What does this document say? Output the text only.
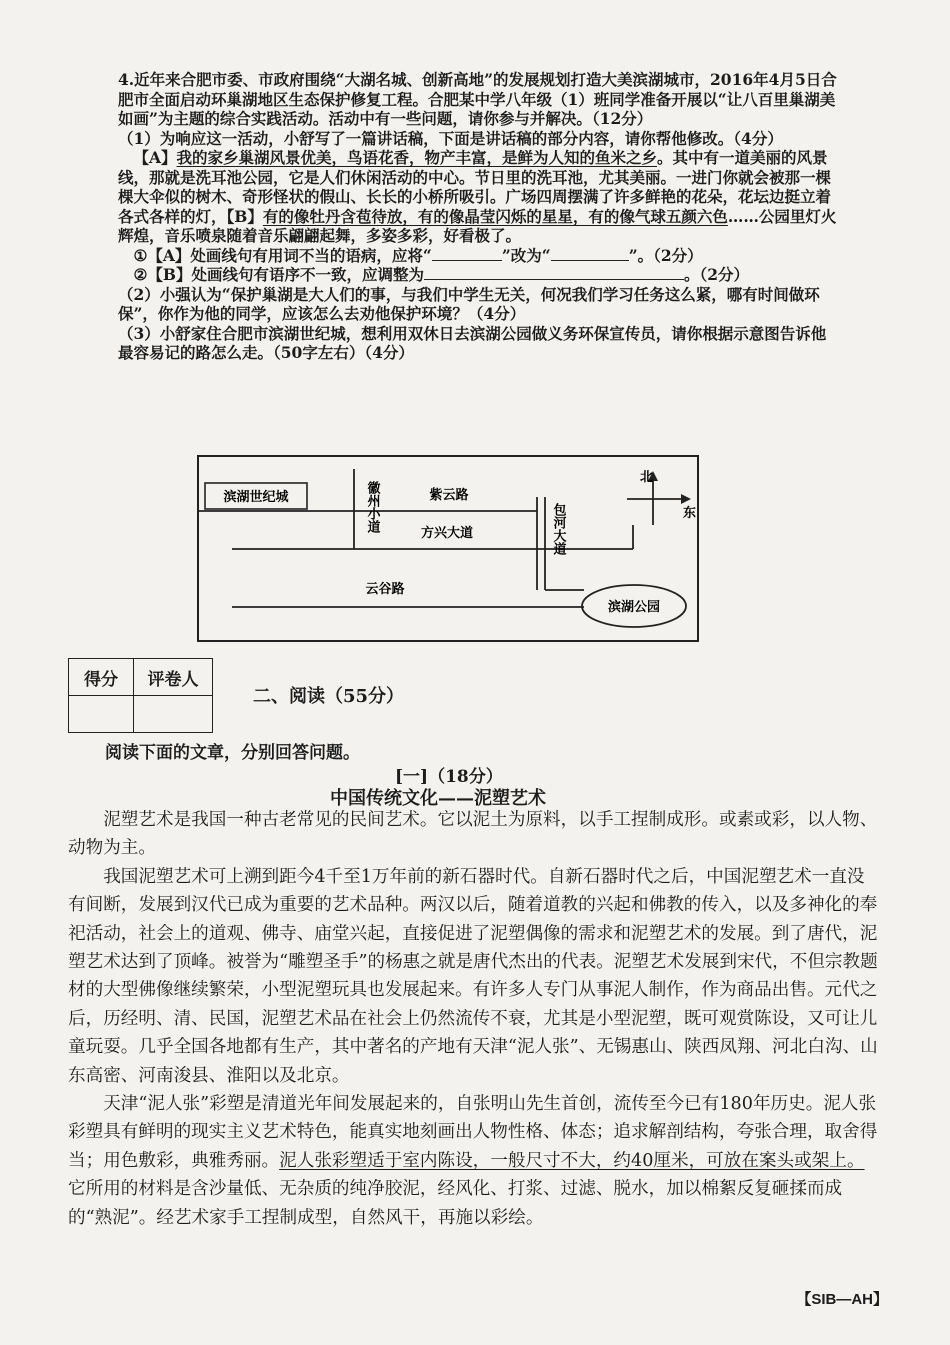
4.近年来合肥市委、市政府围绕“大湖名城、创新高地”的发展规划打造大美滨湖城市，2016年4月5日合肥市全面启动环巢湖地区生态保护修复工程。合肥某中学八年级（1）班同学准备开展以“让八百里巢湖美如画”为主题的综合实践活动。活动中有一些问题，请你参与并解决。（12分）

（1）为响应这一活动，小舒写了一篇讲话稿，下面是讲话稿的部分内容，请你帮他修改。（4分）

【A】我的家乡巢湖风景优美，鸟语花香，物产丰富，是鲜为人知的鱼米之乡。其中有一道美丽的风景线，那就是洗耳池公园，它是人们休闲活动的中心。节日里的洗耳池，尤其美丽。一进门你就会被那一棵棵大伞似的树木、奇形怪状的假山、长长的小桥所吸引。广场四周摆满了许多鲜艳的花朵，花坛边挺立着各式各样的灯，【B】有的像牡丹含苞待放，有的像晶莹闪烁的星星，有的像气球五颜六色……公园里灯火辉煌，音乐喷泉随着音乐翩翩起舞，多姿多彩，好看极了。

①【A】处画线句有用词不当的语病，应将“	”改为“	”。（2分）

②【B】处画线句有语序不一致，应调整为	。（2分）

（2）小强认为“保护巢湖是大人们的事，与我们中学生无关，何况我们学习任务这么紧，哪有时间做环保”，你作为他的同学，应该怎么去劝他保护环境？（4分）

（3）小舒家住合肥市滨湖世纪城，想利用双休日去滨湖公园做义务环保宣传员，请你根据示意图告诉他最容易记的路怎么走。（50字左右）（4分）

滨湖世纪城	徽州小道	紫云路
方兴大道	包河大道
云谷路
滨湖公园
北
东
得分	评卷人

二、阅读（55分）
阅读下面的文章，分别回答问题。
[一]（18分）
中国传统文化——泥塑艺术

泥塑艺术是我国一种古老常见的民间艺术。它以泥土为原料，以手工捏制成形。或素或彩，以人物、动物为主。

我国泥塑艺术可上溯到距今4千至1万年前的新石器时代。自新石器时代之后，中国泥塑艺术一直没有间断，发展到汉代已成为重要的艺术品种。两汉以后，随着道教的兴起和佛教的传入，以及多神化的奉祀活动，社会上的道观、佛寺、庙堂兴起，直接促进了泥塑偶像的需求和泥塑艺术的发展。到了唐代，泥塑艺术达到了顶峰。被誉为“雕塑圣手”的杨惠之就是唐代杰出的代表。泥塑艺术发展到宋代，不但宗教题材的大型佛像继续繁荣，小型泥塑玩具也发展起来。有许多人专门从事泥人制作，作为商品出售。元代之后，历经明、清、民国，泥塑艺术品在社会上仍然流传不衰，尤其是小型泥塑，既可观赏陈设，又可让儿童玩耍。几乎全国各地都有生产，其中著名的产地有天津“泥人张”、无锡惠山、陕西凤翔、河北白沟、山东高密、河南浚县、淮阳以及北京。

天津“泥人张”彩塑是清道光年间发展起来的，自张明山先生首创，流传至今已有180年历史。泥人张彩塑具有鲜明的现实主义艺术特色，能真实地刻画出人物性格、体态；追求解剖结构，夸张合理，取舍得当；用色敷彩，典雅秀丽。泥人张彩塑适于室内陈设，一般尺寸不大，约40厘米，可放在案头或架上。它所用的材料是含沙量低、无杂质的纯净胶泥，经风化、打浆、过滤、脱水，加以棉絮反复砸揉而成的“熟泥”。经艺术家手工捏制成型，自然风干，再施以彩绘。

【SIB—AH】
